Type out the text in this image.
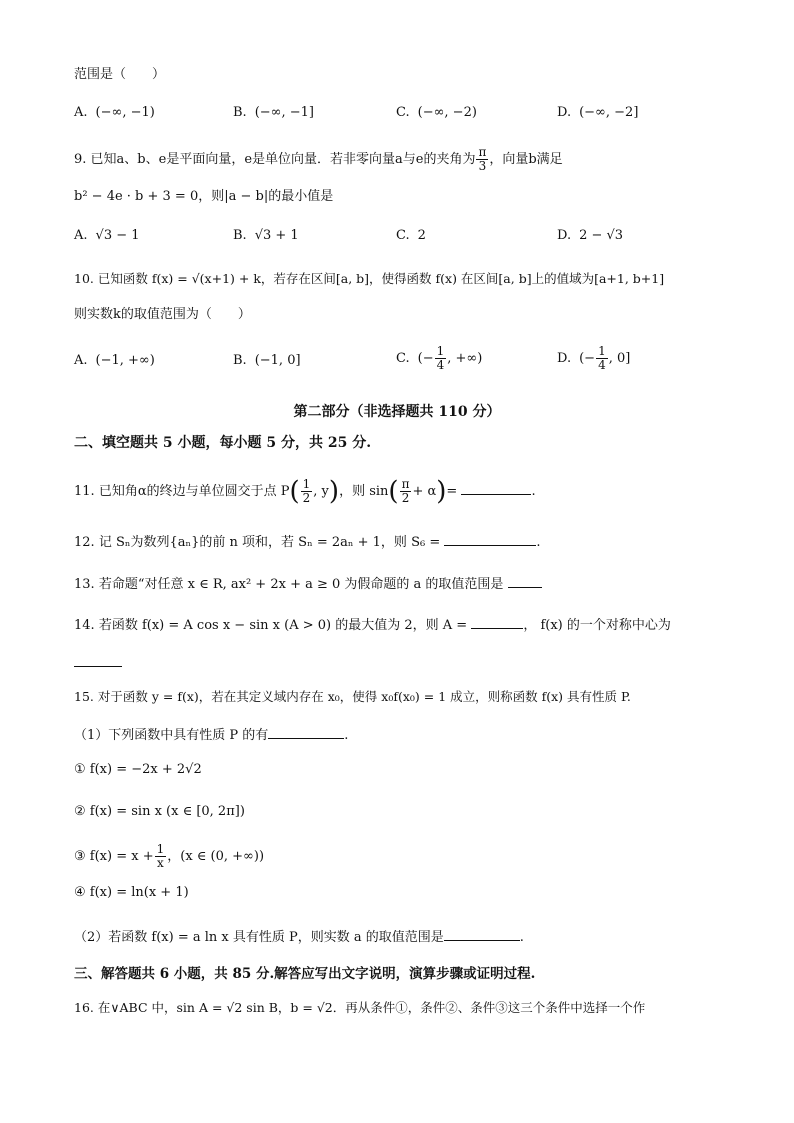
范围是（　　）
A. (−∞, −1)	B. (−∞, −1]	C. (−∞, −2)	D. (−∞, −2]
9. 已知a、b、e是平面向量，e是单位向量．若非零向量a与e的夹角为 $\frac{\pi}{3}$ ，向量b满足
b² − 4e · b + 3 = 0，则|a − b|的最小值是
A. √3 − 1	B. √3 + 1	C. 2	D. 2 − √3
10. 已知函数 f(x) = √(x+1) + k，若存在区间[a, b]，使得函数 f(x) 在区间[a, b]上的值域为[a+1, b+1]
则实数k的取值范围为（　　）
A. (−1, +∞)	B. (−1, 0]	C. (− $\frac{1}{4}$ , +∞)	D. (− $\frac{1}{4}$ , 0]
第二部分（非选择题共 110 分）
二、填空题共 5 小题，每小题 5 分，共 25 分.
11. 已知角α的终边与单位圆交于点 $P( \frac{1}{2}$ , y)，则 $\sin( \frac{\pi}{2} + \alpha)=$	.
12. 记 Sₙ为数列{aₙ}的前 n 项和，若 Sₙ = 2aₙ + 1，则 S₆ =	.
13. 若命题“对任意 x ∈ R, ax² + 2x + a ≥ 0 为假命题的 a 的取值范围是
14. 若函数 f(x) = A cos x − sin x (A > 0) 的最大值为 2，则 A =	， f(x) 的一个对称中心为
15. 对于函数 y = f(x)，若在其定义域内存在 x₀，使得 x₀f(x₀) = 1 成立，则称函数 f(x) 具有性质 P.
（1）下列函数中具有性质 P 的有	.
① f(x) = −2x + 2√2
② f(x) = sin x (x ∈ [0, 2π])
③ $f(x) = x + \frac{1}{x}$ ，(x ∈ (0, +∞))
④ f(x) = ln(x + 1)
（2）若函数 f(x) = a ln x 具有性质 P，则实数 a 的取值范围是	.
三、解答题共 6 小题，共 85 分.解答应写出文字说明，演算步骤或证明过程.
16. 在∨ABC 中，sin A = √2 sin B，b = √2．再从条件①，条件②、条件③这三个条件中选择一个作
